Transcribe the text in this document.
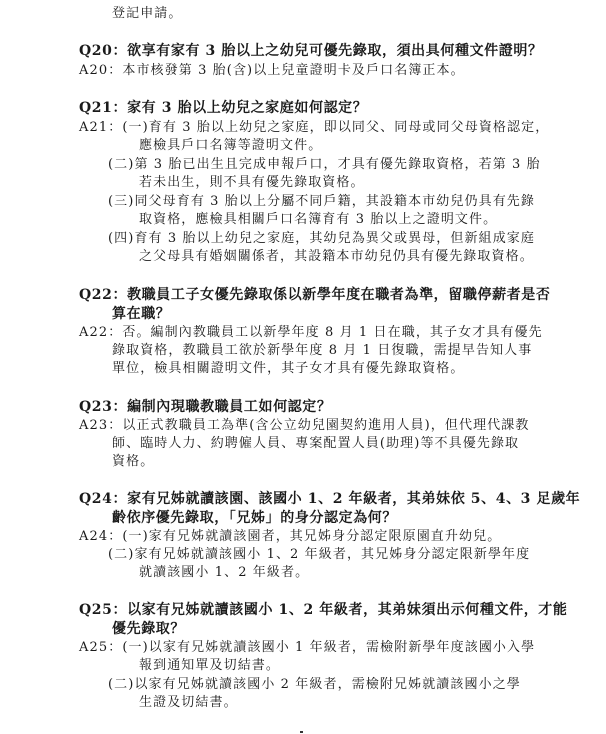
登記申請。
Q20：欲享有家有 3 胎以上之幼兒可優先錄取，須出具何種文件證明？
A20：本市核發第 3 胎(含)以上兒童證明卡及戶口名簿正本。
Q21：家有 3 胎以上幼兒之家庭如何認定？
A21：(一)育有 3 胎以上幼兒之家庭，即以同父、同母或同父母資格認定，
應檢具戶口名簿等證明文件。
(二)第 3 胎已出生且完成申報戶口，才具有優先錄取資格，若第 3 胎
若未出生，則不具有優先錄取資格。
(三)同父母育有 3 胎以上分屬不同戶籍，其設籍本市幼兒仍具有先錄
取資格，應檢具相關戶口名簿育有 3 胎以上之證明文件。
(四)育有 3 胎以上幼兒之家庭，其幼兒為異父或異母，但新組成家庭
之父母具有婚姻關係者，其設籍本市幼兒仍具有優先錄取資格。
Q22：教職員工子女優先錄取係以新學年度在職者為準，留職停薪者是否
算在職？
A22：否。編制內教職員工以新學年度 8 月 1 日在職，其子女才具有優先
錄取資格，教職員工欲於新學年度 8 月 1 日復職，需提早告知人事
單位，檢具相關證明文件，其子女才具有優先錄取資格。
Q23：編制內現職教職員工如何認定？
A23：以正式教職員工為準(含公立幼兒園契約進用人員)，但代理代課教
師、臨時人力、約聘僱人員、專案配置人員(助理)等不具優先錄取
資格。
Q24：家有兄姊就讀該園、該國小 1、2 年級者，其弟妹依 5、4、3 足歲年
齡依序優先錄取，「兄姊」的身分認定為何？
A24：(一)家有兄姊就讀該園者，其兄姊身分認定限原園直升幼兒。
(二)家有兄姊就讀該國小 1、2 年級者，其兄姊身分認定限新學年度
就讀該國小 1、2 年級者。
Q25：以家有兄姊就讀該國小 1、2 年級者，其弟妹須出示何種文件，才能
優先錄取？
A25：(一)以家有兄姊就讀該國小 1 年級者，需檢附新學年度該國小入學
報到通知單及切結書。
(二)以家有兄姊就讀該國小 2 年級者，需檢附兄姊就讀該國小之學
生證及切結書。
